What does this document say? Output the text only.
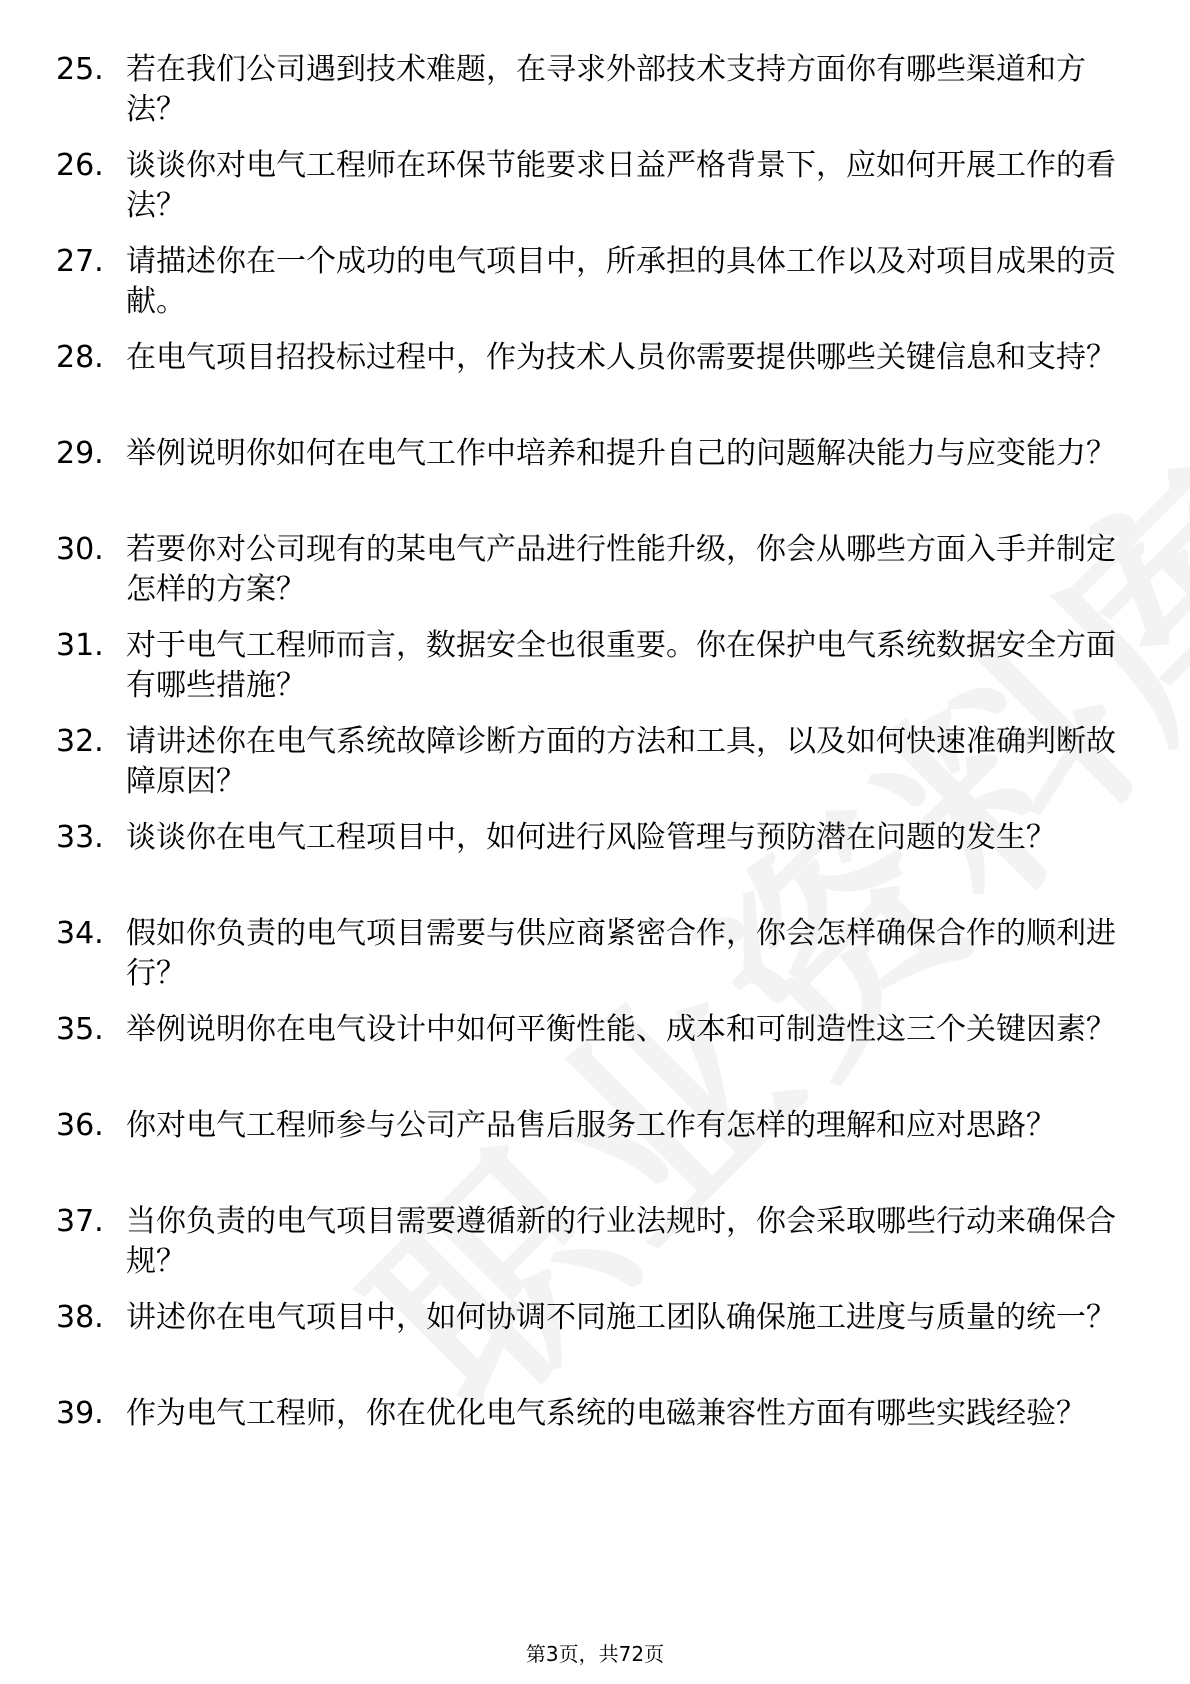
25. 若在我们公司遇到技术难题，在寻求外部技术支持方面你有哪些渠道和方法？
26. 谈谈你对电气工程师在环保节能要求日益严格背景下，应如何开展工作的看法？
27. 请描述你在一个成功的电气项目中，所承担的具体工作以及对项目成果的贡献。
28. 在电气项目招投标过程中，作为技术人员你需要提供哪些关键信息和支持？
29. 举例说明你如何在电气工作中培养和提升自己的问题解决能力与应变能力？
30. 若要你对公司现有的某电气产品进行性能升级，你会从哪些方面入手并制定怎样的方案？
31. 对于电气工程师而言，数据安全也很重要。你在保护电气系统数据安全方面有哪些措施？
32. 请讲述你在电气系统故障诊断方面的方法和工具，以及如何快速准确判断故障原因？
33. 谈谈你在电气工程项目中，如何进行风险管理与预防潜在问题的发生？
34. 假如你负责的电气项目需要与供应商紧密合作，你会怎样确保合作的顺利进行？
35. 举例说明你在电气设计中如何平衡性能、成本和可制造性这三个关键因素？
36. 你对电气工程师参与公司产品售后服务工作有怎样的理解和应对思路？
37. 当你负责的电气项目需要遵循新的行业法规时，你会采取哪些行动来确保合规？
38. 讲述你在电气项目中，如何协调不同施工团队确保施工进度与质量的统一？
39. 作为电气工程师，你在优化电气系统的电磁兼容性方面有哪些实践经验？
第3页，共72页
